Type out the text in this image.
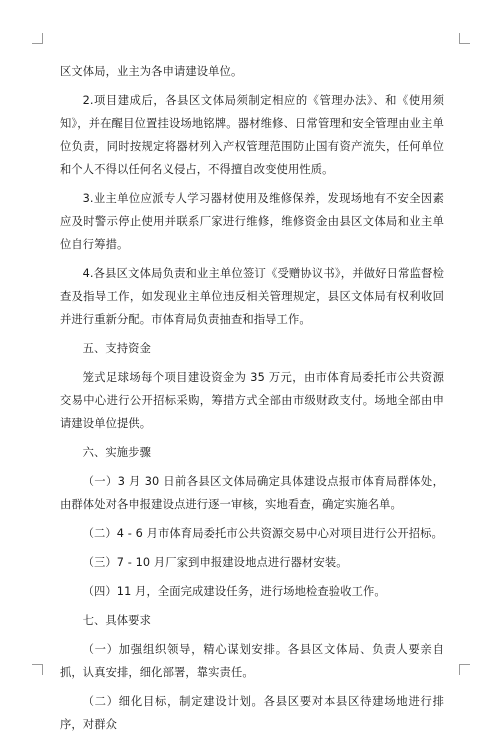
区文体局，业主为各申请建设单位。

2.项目建成后，各县区文体局须制定相应的《管理办法》、和《使用须知》，并在醒目位置挂设场地铭牌。器材维修、日常管理和安全管理由业主单位负责，同时按规定将器材列入产权管理范围防止国有资产流失，任何单位和个人不得以任何名义侵占，不得擅自改变使用性质。

3.业主单位应派专人学习器材使用及维修保养，发现场地有不安全因素应及时警示停止使用并联系厂家进行维修，维修资金由县区文体局和业主单位自行筹措。

4.各县区文体局负责和业主单位签订《受赠协议书》，并做好日常监督检查及指导工作，如发现业主单位违反相关管理规定，县区文体局有权利收回并进行重新分配。市体育局负责抽查和指导工作。

五、支持资金

笼式足球场每个项目建设资金为 35 万元，由市体育局委托市公共资源交易中心进行公开招标采购，筹措方式全部由市级财政支付。场地全部由申请建设单位提供。

六、实施步骤

（一）3 月 30 日前各县区文体局确定具体建设点报市体育局群体处，由群体处对各申报建设点进行逐一审核，实地看查，确定实施名单。

（二）4 - 6 月市体育局委托市公共资源交易中心对项目进行公开招标。

（三）7 - 10 月厂家到申报建设地点进行器材安装。

（四）11 月，全面完成建设任务，进行场地检查验收工作。

七、具体要求

（一）加强组织领导，精心谋划安排。各县区文体局、负责人要亲自抓，认真安排，细化部署，靠实责任。

（二）细化目标，制定建设计划。各县区要对本县区待建场地进行排序，对群众
